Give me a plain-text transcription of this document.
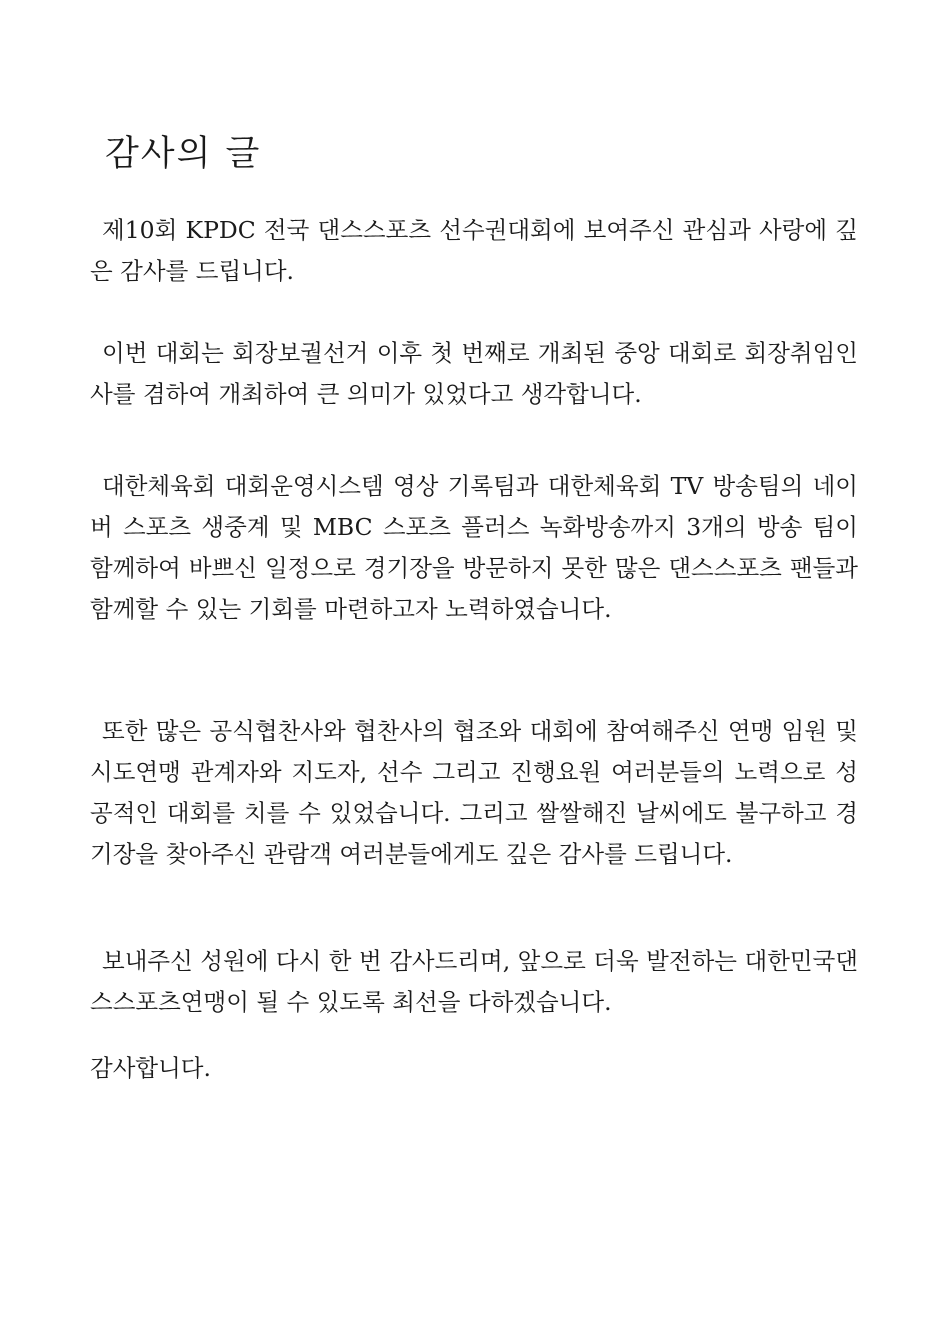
감사의 글

제10회 KPDC 전국 댄스스포츠 선수권대회에 보여주신 관심과 사랑에 깊은 감사를 드립니다.

이번 대회는 회장보궐선거 이후 첫 번째로 개최된 중앙 대회로 회장취임인사를 겸하여 개최하여 큰 의미가 있었다고 생각합니다.

대한체육회 대회운영시스템 영상 기록팀과 대한체육회 TV 방송팀의 네이버 스포츠 생중계 및 MBC 스포츠 플러스 녹화방송까지 3개의 방송 팀이 함께하여 바쁘신 일정으로 경기장을 방문하지 못한 많은 댄스스포츠 팬들과 함께할 수 있는 기회를 마련하고자 노력하였습니다.

또한 많은 공식협찬사와 협찬사의 협조와 대회에 참여해주신 연맹 임원 및 시도연맹 관계자와 지도자, 선수 그리고 진행요원 여러분들의 노력으로 성공적인 대회를 치를 수 있었습니다. 그리고 쌀쌀해진 날씨에도 불구하고 경기장을 찾아주신 관람객 여러분들에게도 깊은 감사를 드립니다.

보내주신 성원에 다시 한 번 감사드리며, 앞으로 더욱 발전하는 대한민국댄스스포츠연맹이 될 수 있도록 최선을 다하겠습니다.

감사합니다.
